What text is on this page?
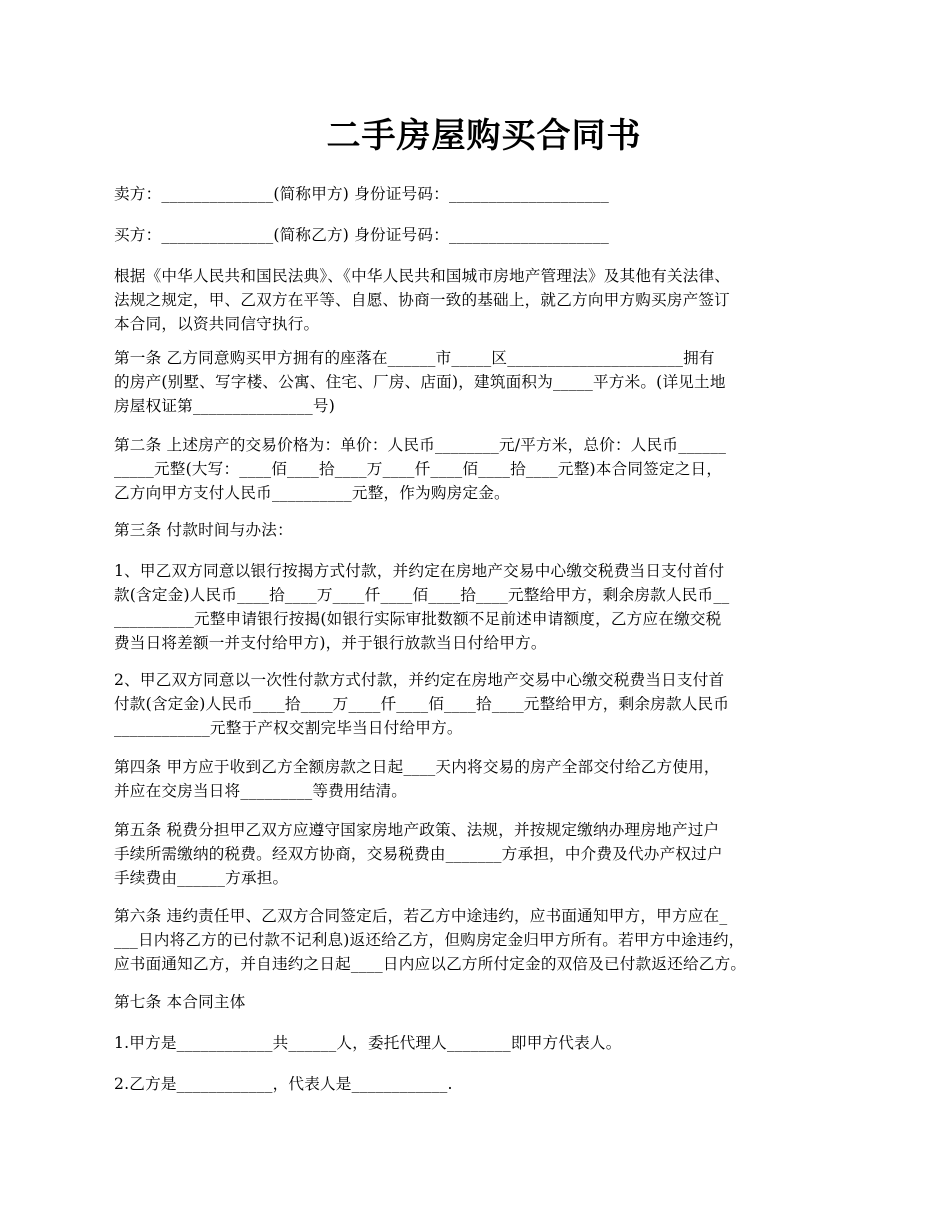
二手房屋购买合同书

卖方：______________(简称甲方) 身份证号码：____________________

买方：______________(简称乙方) 身份证号码：____________________

根据《中华人民共和国民法典》、《中华人民共和国城市房地产管理法》及其他有关法律、
法规之规定，甲、乙双方在平等、自愿、协商一致的基础上，就乙方向甲方购买房产签订
本合同，以资共同信守执行。

第一条 乙方同意购买甲方拥有的座落在______市_____区______________________拥有
的房产(别墅、写字楼、公寓、住宅、厂房、店面)，建筑面积为_____平方米。(详见土地
房屋权证第_______________号)

第二条 上述房产的交易价格为：单价：人民币________元/平方米，总价：人民币______
_____元整(大写：____佰____拾____万____仟____佰____拾____元整)本合同签定之日，
乙方向甲方支付人民币__________元整，作为购房定金。

第三条 付款时间与办法：

1、甲乙双方同意以银行按揭方式付款，并约定在房地产交易中心缴交税费当日支付首付
款(含定金)人民币____拾____万____仟____佰____拾____元整给甲方，剩余房款人民币__
__________元整申请银行按揭(如银行实际审批数额不足前述申请额度，乙方应在缴交税
费当日将差额一并支付给甲方)，并于银行放款当日付给甲方。

2、甲乙双方同意以一次性付款方式付款，并约定在房地产交易中心缴交税费当日支付首
付款(含定金)人民币____拾____万____仟____佰____拾____元整给甲方，剩余房款人民币
____________元整于产权交割完毕当日付给甲方。

第四条 甲方应于收到乙方全额房款之日起____天内将交易的房产全部交付给乙方使用，
并应在交房当日将_________等费用结清。

第五条 税费分担甲乙双方应遵守国家房地产政策、法规，并按规定缴纳办理房地产过户
手续所需缴纳的税费。经双方协商，交易税费由_______方承担，中介费及代办产权过户
手续费由______方承担。

第六条 违约责任甲、乙双方合同签定后，若乙方中途违约，应书面通知甲方，甲方应在_
___日内将乙方的已付款不记利息)返还给乙方，但购房定金归甲方所有。若甲方中途违约，
应书面通知乙方，并自违约之日起____日内应以乙方所付定金的双倍及已付款返还给乙方。

第七条 本合同主体

1.甲方是____________共______人，委托代理人________即甲方代表人。

2.乙方是____________，代表人是____________.
